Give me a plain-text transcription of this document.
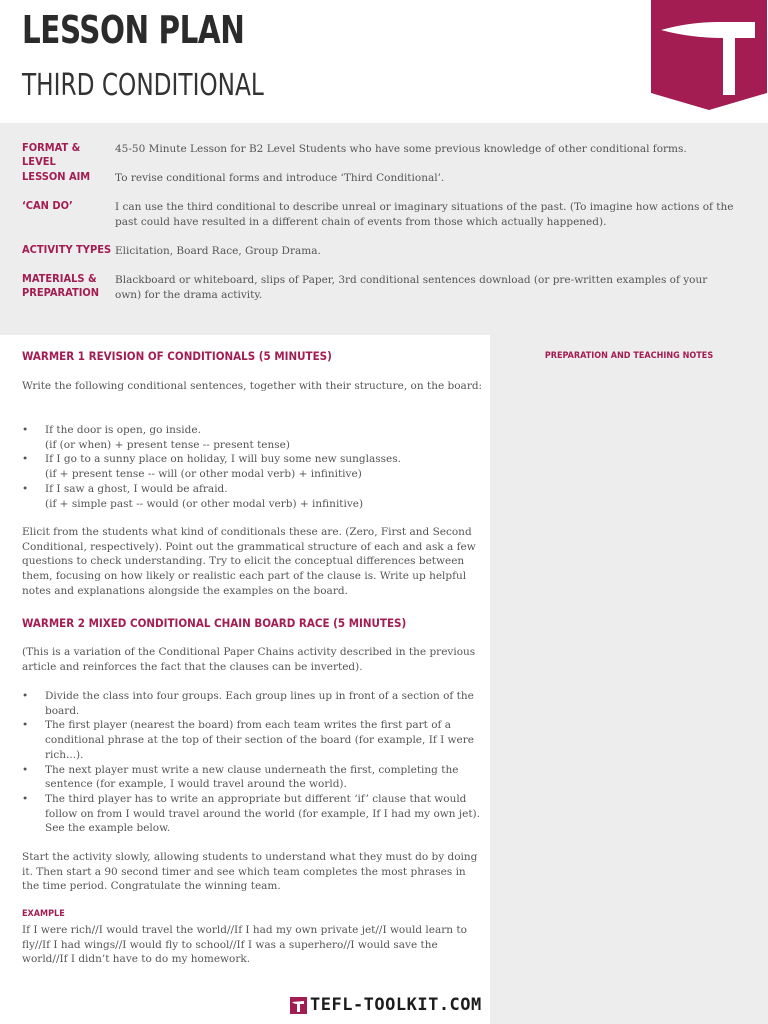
LESSON PLAN
THIRD CONDITIONAL
FORMAT & LEVEL
45-50 Minute Lesson for B2 Level Students who have some previous knowledge of other conditional forms.
LESSON AIM	To revise conditional forms and introduce ‘Third Conditional’.
‘CAN DO’	I can use the third conditional to describe unreal or imaginary situations of the past. (To imagine how actions of the past could have resulted in a different chain of events from those which actually happened).
ACTIVITY TYPES Elicitation, Board Race, Group Drama.
MATERIALS & PREPARATION
Blackboard or whiteboard, slips of Paper, 3rd conditional sentences download (or pre-written examples of your own) for the drama activity.
PREPARATION AND TEACHING NOTES
WARMER 1 REVISION OF CONDITIONALS (5 MINUTES)
Write the following conditional sentences, together with their structure, on the board:
• If the door is open, go inside.
(if (or when) + present tense -- present tense)
• If I go to a sunny place on holiday, I will buy some new sunglasses.
(if + present tense -- will (or other modal verb) + infinitive)
• If I saw a ghost, I would be afraid.
(if + simple past -- would (or other modal verb) + infinitive)
Elicit from the students what kind of conditionals these are. (Zero, First and Second Conditional, respectively). Point out the grammatical structure of each and ask a few questions to check understanding. Try to elicit the conceptual differences between them, focusing on how likely or realistic each part of the clause is. Write up helpful notes and explanations alongside the examples on the board.
WARMER 2 MIXED CONDITIONAL CHAIN BOARD RACE (5 MINUTES)
(This is a variation of the Conditional Paper Chains activity described in the previous article and reinforces the fact that the clauses can be inverted).
• Divide the class into four groups. Each group lines up in front of a section of the board.
• The first player (nearest the board) from each team writes the first part of a conditional phrase at the top of their section of the board (for example, If I were rich...).
• The next player must write a new clause underneath the first, completing the sentence (for example, I would travel around the world).
• The third player has to write an appropriate but different ‘if’ clause that would follow on from I would travel around the world (for example, If I had my own jet). See the example below.
Start the activity slowly, allowing students to understand what they must do by doing it. Then start a 90 second timer and see which team completes the most phrases in the time period. Congratulate the winning team.
EXAMPLE
If I were rich//I would travel the world//If I had my own private jet//I would learn to fly//If I had wings//I would fly to school//If I was a superhero//I would save the world//If I didn’t have to do my homework.
TEFL-TOOLKIT.COM
